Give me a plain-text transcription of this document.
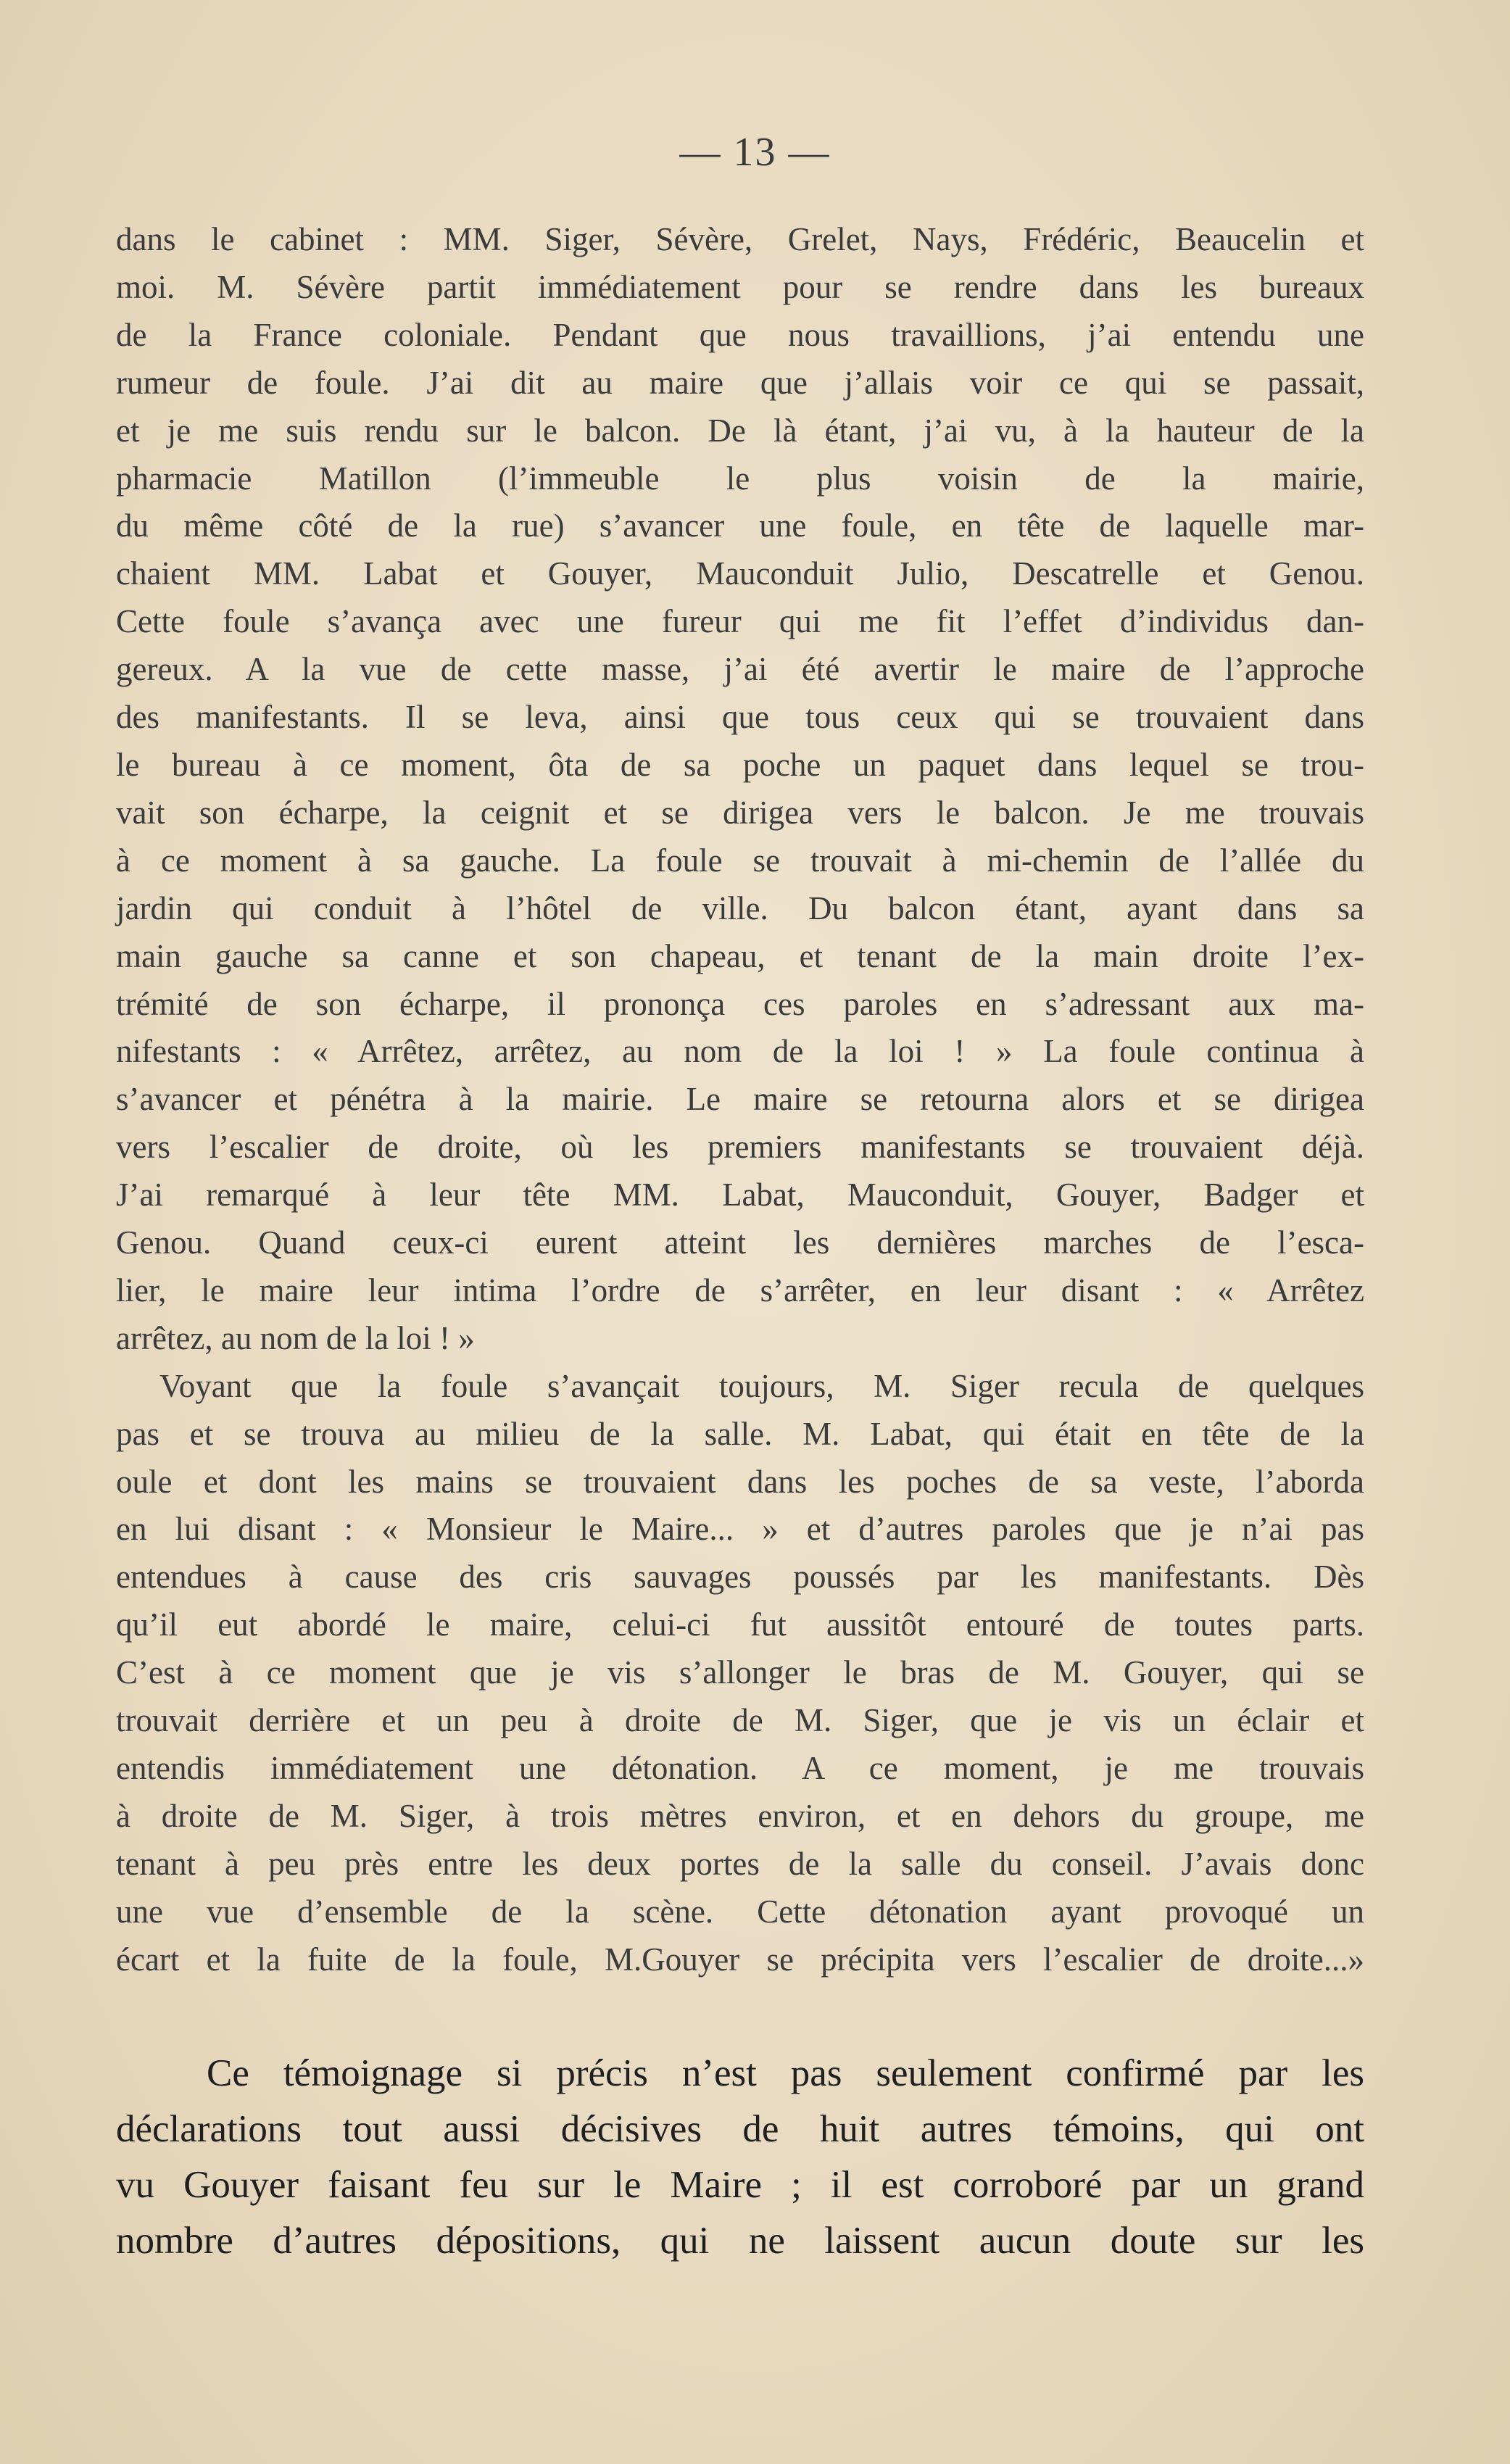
— 13 —
dans le cabinet : MM. Siger, Sévère, Grelet, Nays, Frédéric, Beaucelin et
moi. M. Sévère partit immédiatement pour se rendre dans les bureaux
de la France coloniale. Pendant que nous travaillions, j’ai entendu une
rumeur de foule. J’ai dit au maire que j’allais voir ce qui se passait,
et je me suis rendu sur le balcon. De là étant, j’ai vu, à la hauteur de la
pharmacie Matillon (l’immeuble le plus voisin de la mairie,
du même côté de la rue) s’avancer une foule, en tête de laquelle mar-
chaient MM. Labat et Gouyer, Mauconduit Julio, Descatrelle et Genou.
Cette foule s’avança avec une fureur qui me fit l’effet d’individus dan-
gereux. A la vue de cette masse, j’ai été avertir le maire de l’approche
des manifestants. Il se leva, ainsi que tous ceux qui se trouvaient dans
le bureau à ce moment, ôta de sa poche un paquet dans lequel se trou-
vait son écharpe, la ceignit et se dirigea vers le balcon. Je me trouvais
à ce moment à sa gauche. La foule se trouvait à mi-chemin de l’allée du
jardin qui conduit à l’hôtel de ville. Du balcon étant, ayant dans sa
main gauche sa canne et son chapeau, et tenant de la main droite l’ex-
trémité de son écharpe, il prononça ces paroles en s’adressant aux ma-
nifestants : « Arrêtez, arrêtez, au nom de la loi ! » La foule continua à
s’avancer et pénétra à la mairie. Le maire se retourna alors et se dirigea
vers l’escalier de droite, où les premiers manifestants se trouvaient déjà.
J’ai remarqué à leur tête MM. Labat, Mauconduit, Gouyer, Badger et
Genou. Quand ceux-ci eurent atteint les dernières marches de l’esca-
lier, le maire leur intima l’ordre de s’arrêter, en leur disant : « Arrêtez
arrêtez, au nom de la loi ! »
Voyant que la foule s’avançait toujours, M. Siger recula de quelques
pas et se trouva au milieu de la salle. M. Labat, qui était en tête de la
oule et dont les mains se trouvaient dans les poches de sa veste, l’aborda
en lui disant : « Monsieur le Maire... » et d’autres paroles que je n’ai pas
entendues à cause des cris sauvages poussés par les manifestants. Dès
qu’il eut abordé le maire, celui-ci fut aussitôt entouré de toutes parts.
C’est à ce moment que je vis s’allonger le bras de M. Gouyer, qui se
trouvait derrière et un peu à droite de M. Siger, que je vis un éclair et
entendis immédiatement une détonation. A ce moment, je me trouvais
à droite de M. Siger, à trois mètres environ, et en dehors du groupe, me
tenant à peu près entre les deux portes de la salle du conseil. J’avais donc
une vue d’ensemble de la scène. Cette détonation ayant provoqué un
écart et la fuite de la foule, M.Gouyer se précipita vers l’escalier de droite...»
Ce témoignage si précis n’est pas seulement confirmé par les
déclarations tout aussi décisives de huit autres témoins, qui ont
vu Gouyer faisant feu sur le Maire ; il est corroboré par un grand
nombre d’autres dépositions, qui ne laissent aucun doute sur les
